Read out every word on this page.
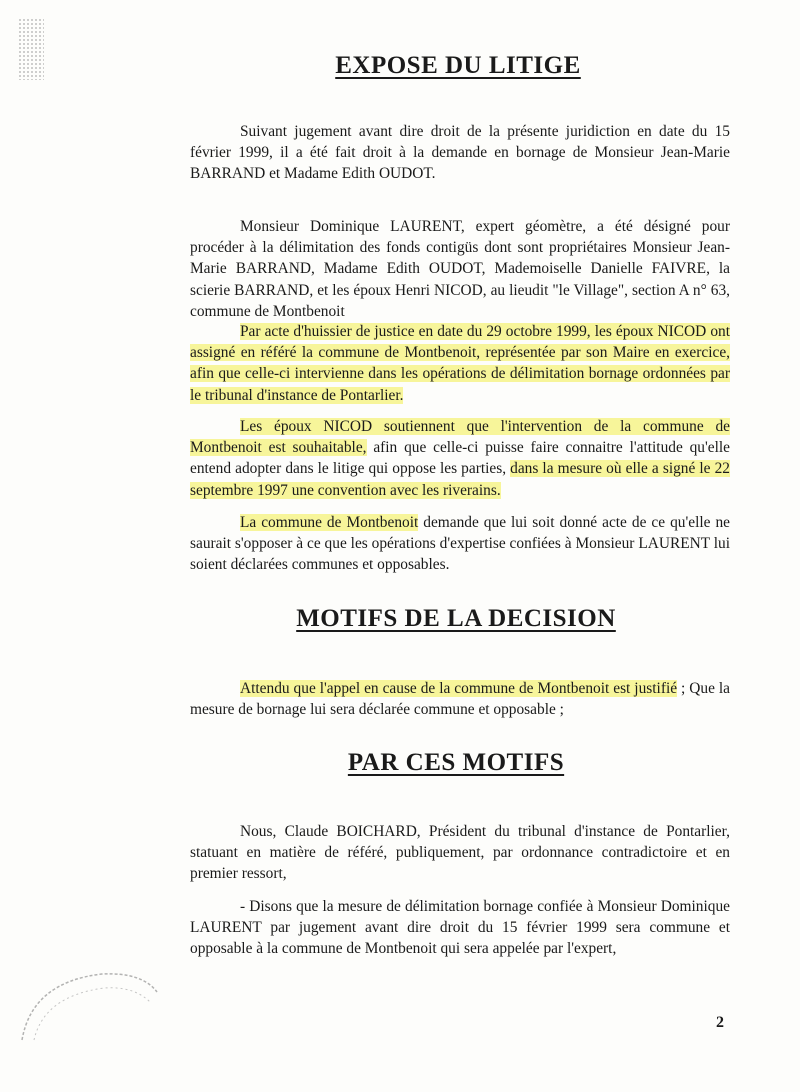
EXPOSE DU LITIGE

Suivant jugement avant dire droit de la présente juridiction en date du 15 février 1999, il a été fait droit à la demande en bornage de Monsieur Jean-Marie BARRAND et Madame Edith OUDOT.

Monsieur Dominique LAURENT, expert géomètre, a été désigné pour procéder à la délimitation des fonds contigüs dont sont propriétaires Monsieur Jean-Marie BARRAND, Madame Edith OUDOT, Mademoiselle Danielle FAIVRE, la scierie BARRAND, et les époux Henri NICOD, au lieudit "le Village", section A n° 63, commune de Montbenoit

Par acte d'huissier de justice en date du 29 octobre 1999, les époux NICOD ont assigné en référé la commune de Montbenoit, représentée par son Maire en exercice, afin que celle-ci intervienne dans les opérations de délimitation bornage ordonnées par le tribunal d'instance de Pontarlier.

Les époux NICOD soutiennent que l'intervention de la commune de Montbenoit est souhaitable, afin que celle-ci puisse faire connaitre l'attitude qu'elle entend adopter dans le litige qui oppose les parties, dans la mesure où elle a signé le 22 septembre 1997 une convention avec les riverains.

La commune de Montbenoit demande que lui soit donné acte de ce qu'elle ne saurait s'opposer à ce que les opérations d'expertise confiées à Monsieur LAURENT lui soient déclarées communes et opposables.

MOTIFS DE LA DECISION

Attendu que l'appel en cause de la commune de Montbenoit est justifié ; Que la mesure de bornage lui sera déclarée commune et opposable ;

PAR CES MOTIFS

Nous, Claude BOICHARD, Président du tribunal d'instance de Pontarlier, statuant en matière de référé, publiquement, par ordonnance contradictoire et en premier ressort,

- Disons que la mesure de délimitation bornage confiée à Monsieur Dominique LAURENT par jugement avant dire droit du 15 février 1999 sera commune et opposable à la commune de Montbenoit qui sera appelée par l'expert,

2
